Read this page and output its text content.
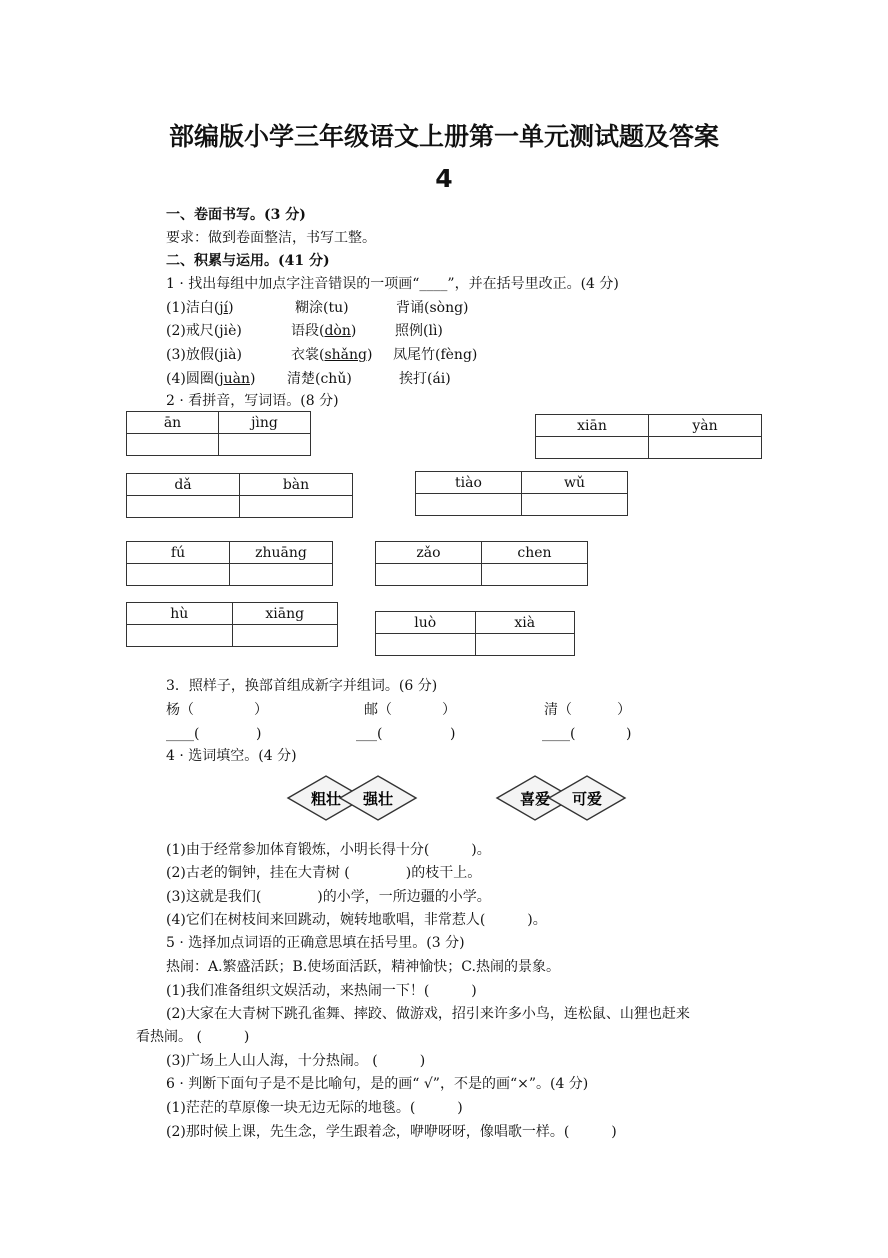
部编版小学三年级语文上册第一单元测试题及答案
4
一、卷面书写。(3 分)
要求：做到卷面整洁，书写工整。
二、积累与运用。(41 分)
1 · 找出每组中加点字注音错误的一项画“____”，并在括号里改正。(4 分)
(1)洁白(jí)	糊涂(tu)	背诵(sòng)
(2)戒尺(jiè)	语段(dòn)	照例(lì)
(3)放假(jià)	衣裳(shǎng) 凤尾竹(fèng)
(4)圆圈(juàn) 清楚(chǔ)	挨打(ái)
2 · 看拼音，写词语。(8 分)
ān	jìng
		xiān	yàn

dǎ	bàn
		tiào	wǔ

fú	zhuāng
		zǎo	chen

hù	xiāng

luò	xià

3．照样子，换部首组成新字并组词。(6 分)
杨（	）	邮（	）	清（	）
____(	)	___(	)	____(	)
4 · 选词填空。(4 分)
粗壮 强壮	喜爱 可爱
(1)由于经常参加体育锻炼，小明长得十分(　　　)。
(2)古老的铜钟，挂在大青树 (　　　　)的枝干上。
(3)这就是我们(　　　　)的小学，一所边疆的小学。
(4)它们在树枝间来回跳动，婉转地歌唱，非常惹人(　　　)。
5 · 选择加点词语的正确意思填在括号里。(3 分)
热闹：A.繁盛活跃；B.使场面活跃，精神愉快；C.热闹的景象。
(1)我们准备组织文娱活动，来热闹一下！(　　　)
(2)大家在大青树下跳孔雀舞、摔跤、做游戏，招引来许多小鸟，连松鼠、山狸也赶来
看热闹。 (　　　)
(3)广场上人山人海，十分热闹。 (　　　)
6 · 判断下面句子是不是比喻句，是的画“ √”，不是的画“×”。(4 分)
(1)茫茫的草原像一块无边无际的地毯。(　　　)
(2)那时候上课，先生念，学生跟着念，咿咿呀呀，像唱歌一样。(　　　)
